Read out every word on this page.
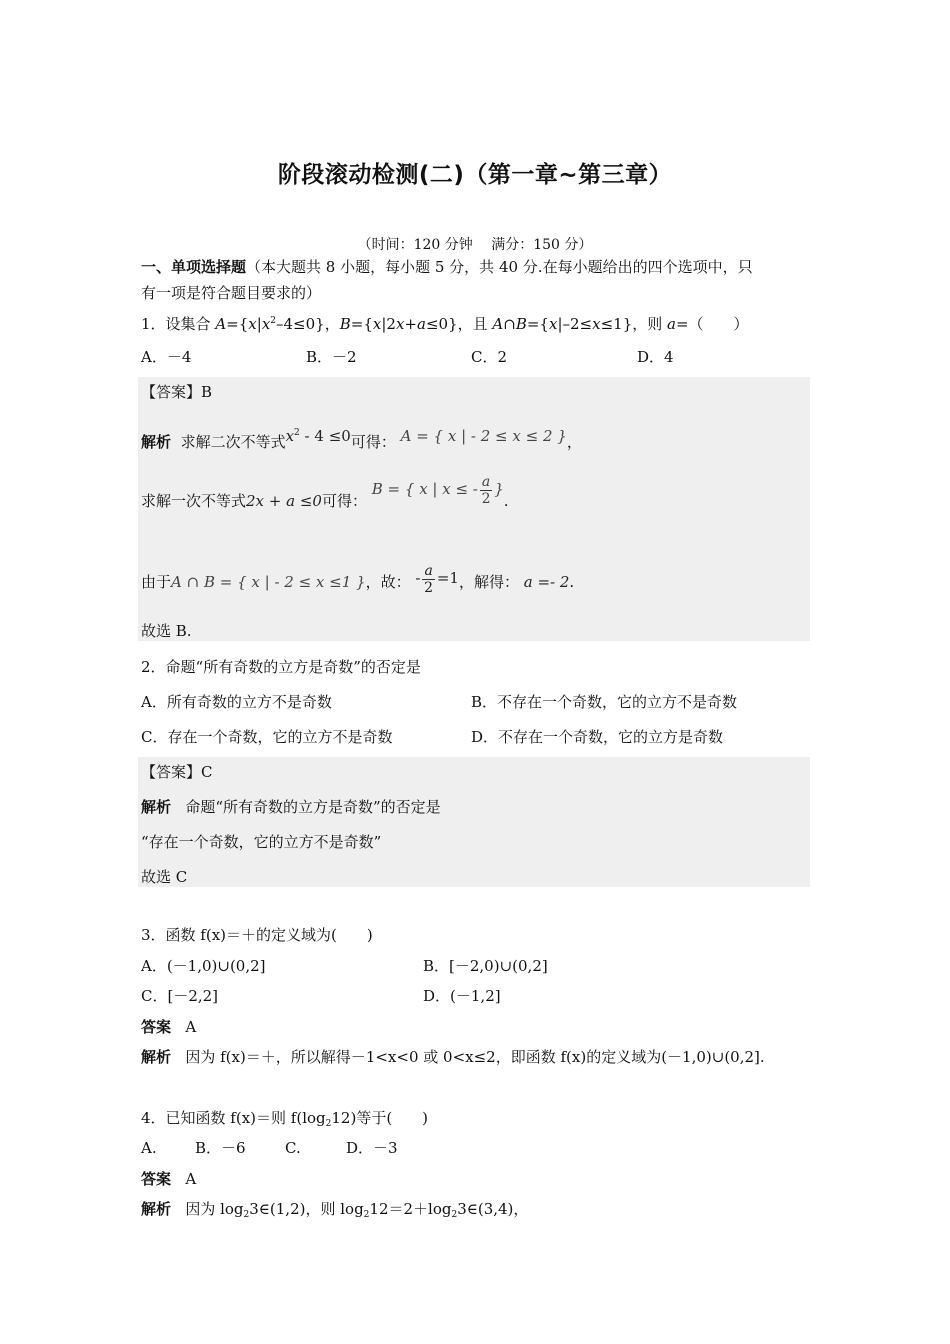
阶段滚动检测(二)（第一章~第三章）
（时间：120 分钟　 满分：150 分）
一、单项选择题（本大题共 8 小题，每小题 5 分，共 40 分.在每小题给出的四个选项中，只
有一项是符合题目要求的）
1．设集合 $A=\{x|x^2-4\le 0\}$，B={x|2x+a≤0}，且 A∩B={x|–2≤x≤1}，则 a=（　　）
A．－4	B．－2	C．2	D．4
【答案】B
解析 求解二次不等式$x^2 - 4 \le 0$可得： A = { x | - 2 ≤ x ≤ 2 }，
求解一次不等式2x + a ≤0可得： B = { x | x ≤ - $\frac{a}{2}$ }.
由于A ∩ B = { x | - 2 ≤ x ≤1 }，故： - $\frac{a}{2} =1$，解得： a =- 2.
故选 B.
2．命题“所有奇数的立方是奇数”的否定是
A．所有奇数的立方不是奇数	B．不存在一个奇数，它的立方不是奇数
C．存在一个奇数，它的立方不是奇数	D．不存在一个奇数，它的立方是奇数
【答案】C
解析 命题“所有奇数的立方是奇数”的否定是
“存在一个奇数，它的立方不是奇数”
故选 C
3．函数 f(x)＝＋的定义域为(　　)
A．(－1,0)∪(0,2]	B．[－2,0)∪(0,2]
C．[－2,2]	D．(－1,2]
答案 A
解析 因为 f(x)＝＋，所以解得－1<x<0 或 0<x≤2，即函数 f(x)的定义域为(－1,0)∪(0,2].
4．已知函数 f(x)＝则 $f(\log_212)$等于(　　)
A.	B．－6	C.	D．－3
答案 A
解析 因为 $\log_23\in(1,2)$，则 $\log_212=2+\log_23\in(3,4)$，
